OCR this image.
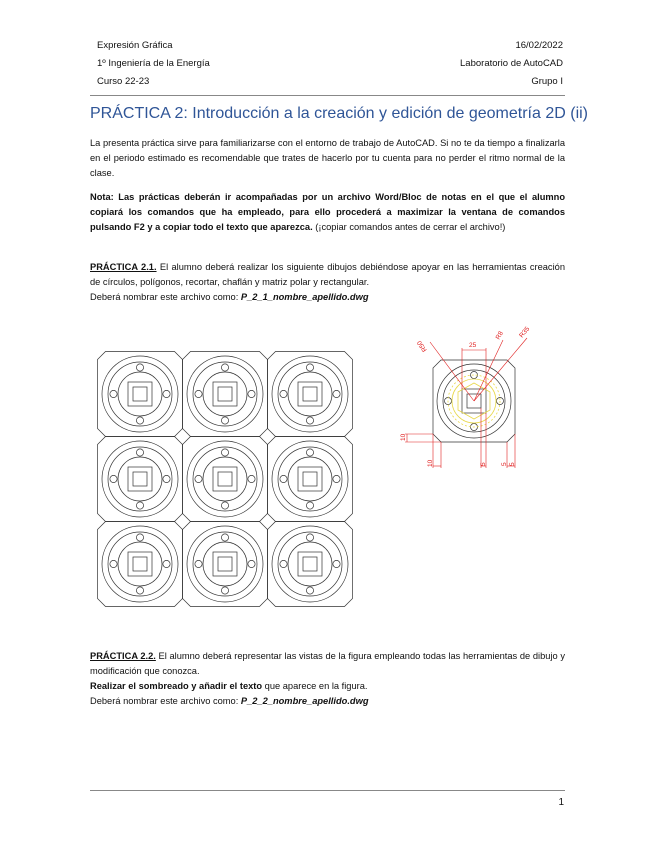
Expresión Gráfica
1º Ingeniería de la Energía
Curso 22-23
16/02/2022
Laboratorio de AutoCAD
Grupo I
PRÁCTICA 2: Introducción a la creación y edición de geometría 2D (ii)
La presenta práctica sirve para familiarizarse con el entorno de trabajo de AutoCAD. Si no te da tiempo a finalizarla en el periodo estimado es recomendable que trates de hacerlo por tu cuenta para no perder el ritmo normal de la clase.
Nota: Las prácticas deberán ir acompañadas por un archivo Word/Bloc de notas en el que el alumno copiará los comandos que ha empleado, para ello procederá a maximizar la ventana de comandos pulsando F2 y a copiar todo el texto que aparezca. (¡copiar comandos antes de cerrar el archivo!)
PRÁCTICA 2.1. El alumno deberá realizar los siguiente dibujos debiéndose apoyar en las herramientas creación de círculos, polígonos, recortar, chaflán y matriz polar y rectangular.
Deberá nombrar este archivo como: P_2_1_nombre_apellido.dwg
25
R8 R35
R50
10
10	5 5 5
PRÁCTICA 2.2. El alumno deberá representar las vistas de la figura empleando todas las herramientas de dibujo y modificación que conozca.
Realizar el sombreado y añadir el texto que aparece en la figura.
Deberá nombrar este archivo como: P_2_2_nombre_apellido.dwg
1
